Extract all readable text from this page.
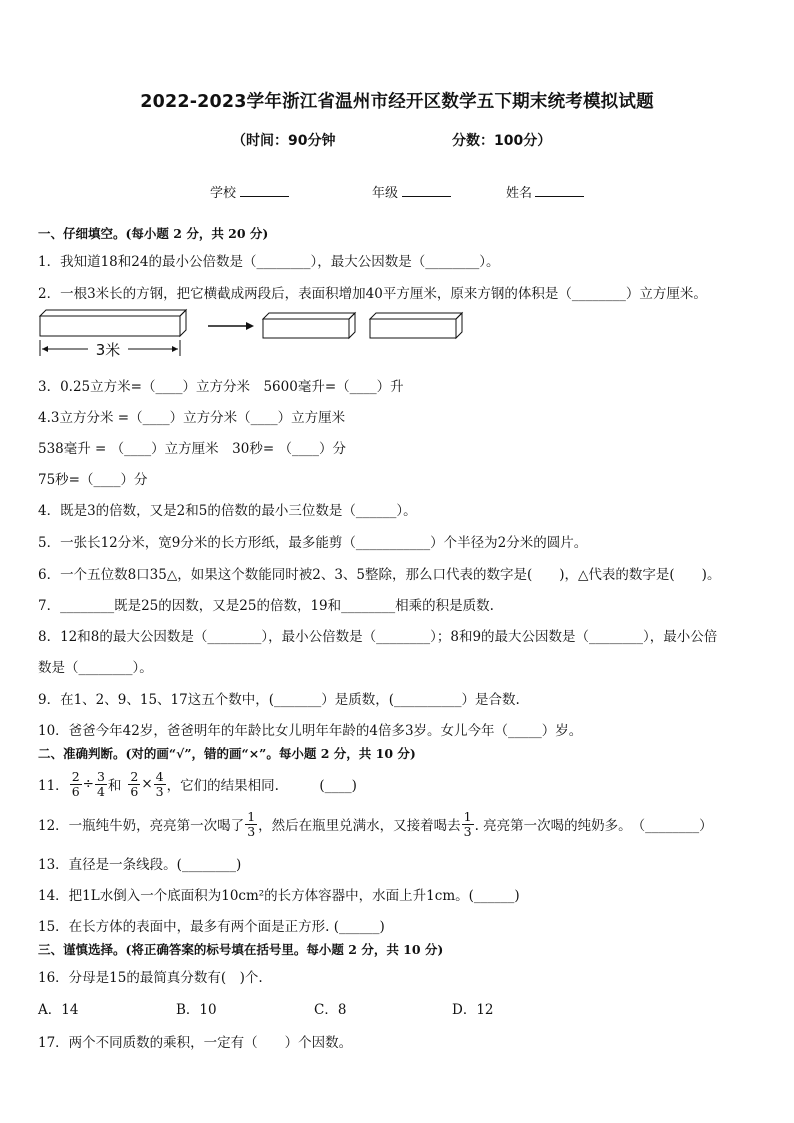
2022-2023学年浙江省温州市经开区数学五下期末统考模拟试题
（时间：90分钟	分数：100分）
学校	年级	姓名
一、仔细填空。(每小题 2 分，共 20 分)
1．我知道18和24的最小公倍数是（________），最大公因数是（________）。
2．一根3米长的方钢，把它横截成两段后，表面积增加40平方厘米，原来方钢的体积是（________）立方厘米。
3米
3．0.25立方米=（____）立方分米　5600毫升=（____）升
4.3立方分米 =（____）立方分米（____）立方厘米
538毫升 = （____）立方厘米　30秒= （____）分
75秒=（____）分
4．既是3的倍数，又是2和5的倍数的最小三位数是（______）。
5．一张长12分米，宽9分米的长方形纸，最多能剪（___________）个半径为2分米的圆片。
6．一个五位数8口35△，如果这个数能同时被2、3、5整除，那么口代表的数字是(　　)，△代表的数字是(　　)。
7．________既是25的因数，又是25的倍数，19和________相乘的积是质数.
8．12和8的最大公因数是（________），最小公倍数是（________）；8和9的最大公因数是（________），最小公倍
数是（________）。
9．在1、2、9、15、17这五个数中，(_______）是质数，(__________）是合数.
10．爸爸今年42岁，爸爸明年的年龄比女儿明年年龄的4倍多3岁。女儿今年（_____）岁。
二、准确判断。(对的画“√”，错的画“×”。每小题 2 分，共 10 分)
11． $\frac{2}{6} \div \frac{3}{4}$ 和 $\frac{2}{6} \times \frac{4}{3}$ ，它们的结果相同.　　　(____)
12．一瓶纯牛奶，亮亮第一次喝了
1
3 ，然后在瓶里兑满水，又接着喝去
1
3 . 亮亮第一次喝的纯奶多。　（________）
13．直径是一条线段。(________)
14．把1L水倒入一个底面积为10cm²的长方体容器中，水面上升1cm。(______)
15．在长方体的表面中，最多有两个面是正方形. (______)
三、谨慎选择。(将正确答案的标号填在括号里。每小题 2 分，共 10 分)
16．分母是15的最简真分数有(　)个.
A．14	B．10	C．8	D．12
17．两个不同质数的乘积，一定有（　　）个因数。
